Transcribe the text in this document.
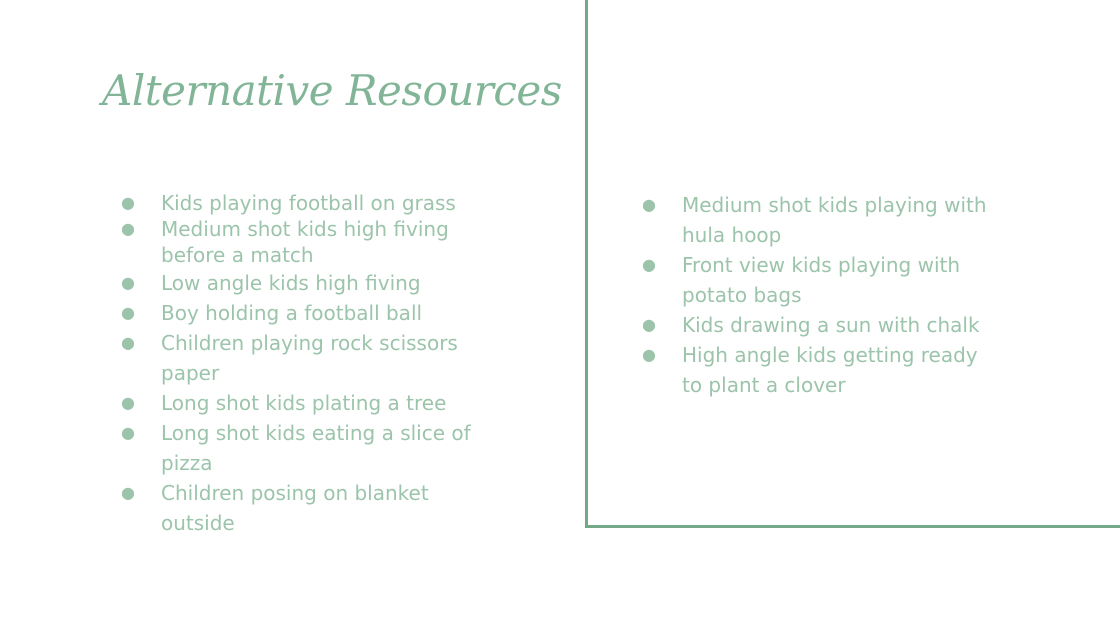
Alternative Resources
● Kids playing football on grass
● Medium shot kids high fiving before a match
● Low angle kids high fiving
● Boy holding a football ball
● Children playing rock scissors paper
● Long shot kids plating a tree
● Long shot kids eating a slice of pizza
● Children posing on blanket outside
● Medium shot kids playing with hula hoop
● Front view kids playing with potato bags
● Kids drawing a sun with chalk
● High angle kids getting ready to plant a clover
